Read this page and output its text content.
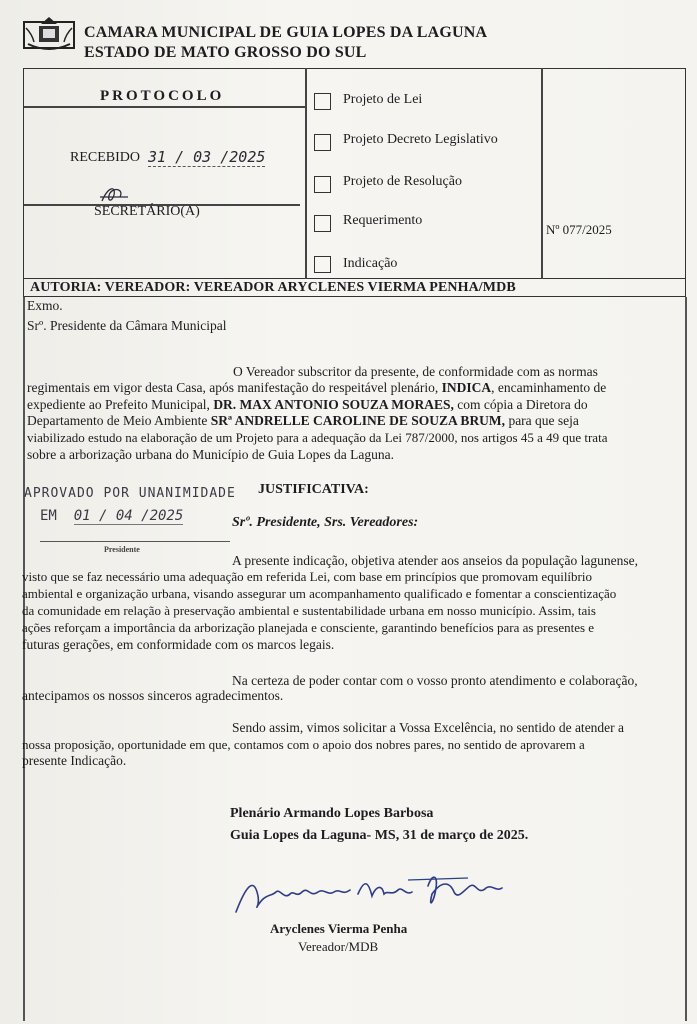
CAMARA MUNICIPAL DE GUIA LOPES DA LAGUNA
ESTADO DE MATO GROSSO DO SUL
PROTOCOLO
RECEBIDO 31 / 03 /2025
SECRETÁRIO(A)
Projeto de Lei
Projeto Decreto Legislativo
Projeto de Resolução
Requerimento
Indicação
Nº 077/2025
AUTORIA: VEREADOR: VEREADOR ARYCLENES VIERMA PENHA/MDB
Exmo.
Srº. Presidente da Câmara Municipal
O Vereador subscritor da presente, de conformidade com as normas
regimentais em vigor desta Casa, após manifestação do respeitável plenário, INDICA, encaminhamento de
expediente ao Prefeito Municipal, DR. MAX ANTONIO SOUZA MORAES, com cópia a Diretora do
Departamento de Meio Ambiente SRª ANDRELLE CAROLINE DE SOUZA BRUM, para que seja
viabilizado estudo na elaboração de um Projeto para a adequação da Lei 787/2000, nos artigos 45 a 49 que trata
sobre a arborização urbana do Município de Guia Lopes da Laguna.
APROVADO POR UNANIMIDADE
EM 01 / 04 /2025
Presidente
JUSTIFICATIVA:
Srº. Presidente, Srs. Vereadores:
A presente indicação, objetiva atender aos anseios da população lagunense,
visto que se faz necessário uma adequação em referida Lei, com base em princípios que promovam equilíbrio
ambiental e organização urbana, visando assegurar um acompanhamento qualificado e fomentar a conscientização
da comunidade em relação à preservação ambiental e sustentabilidade urbana em nosso município. Assim, tais
ações reforçam a importância da arborização planejada e consciente, garantindo benefícios para as presentes e
futuras gerações, em conformidade com os marcos legais.
Na certeza de poder contar com o vosso pronto atendimento e colaboração,
antecipamos os nossos sinceros agradecimentos.
Sendo assim, vimos solicitar a Vossa Excelência, no sentido de atender a
nossa proposição, oportunidade em que, contamos com o apoio dos nobres pares, no sentido de aprovarem a
presente Indicação.
Plenário Armando Lopes Barbosa
Guia Lopes da Laguna- MS, 31 de março de 2025.
Aryclenes Vierma Penha
Vereador/MDB
